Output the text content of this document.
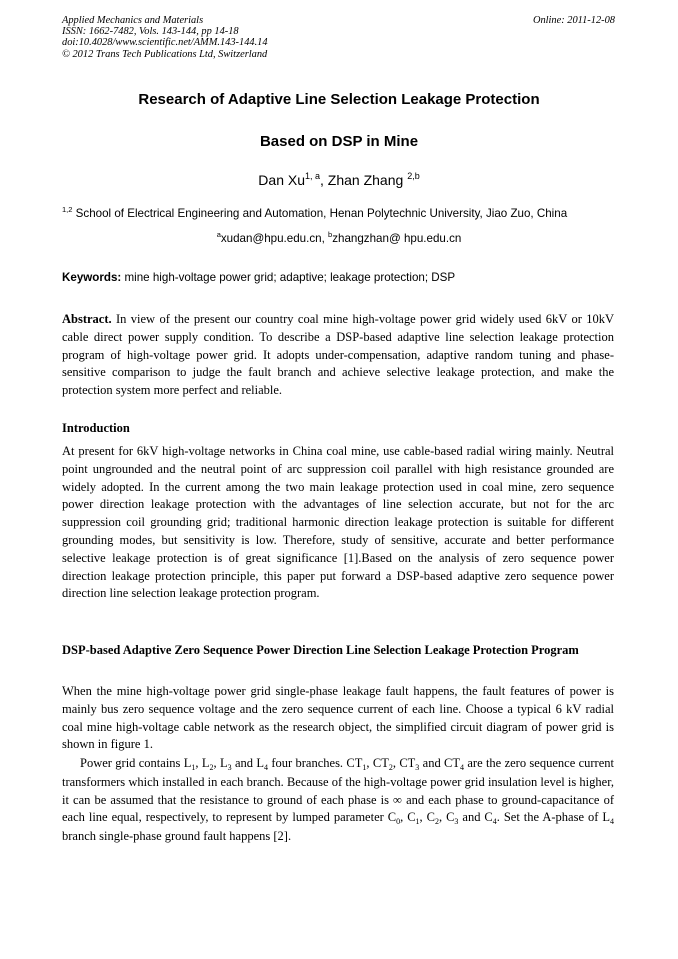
Applied Mechanics and Materials
ISSN: 1662-7482, Vols. 143-144, pp 14-18
doi:10.4028/www.scientific.net/AMM.143-144.14
© 2012 Trans Tech Publications Ltd, Switzerland
Online: 2011-12-08
Research of Adaptive Line Selection Leakage Protection
Based on DSP in Mine
Dan Xu$^{1, a}$, Zhan Zhang $^{2,b}$
$^{1,2}$ School of Electrical Engineering and Automation, Henan Polytechnic University, Jiao Zuo, China
$^a$xudan@hpu.edu.cn, $^b$zhangzhan@ hpu.edu.cn
Keywords: mine high-voltage power grid; adaptive; leakage protection; DSP
Abstract. In view of the present our country coal mine high-voltage power grid widely used 6kV or 10kV cable direct power supply condition. To describe a DSP-based adaptive line selection leakage protection program of high-voltage power grid. It adopts under-compensation, adaptive random tuning and phase-sensitive comparison to judge the fault branch and achieve selective leakage protection, and make the protection system more perfect and reliable.
Introduction
At present for 6kV high-voltage networks in China coal mine, use cable-based radial wiring mainly. Neutral point ungrounded and the neutral point of arc suppression coil parallel with high resistance grounded are widely adopted. In the current among the two main leakage protection used in coal mine, zero sequence power direction leakage protection with the advantages of line selection accurate, but not for the arc suppression coil grounding grid; traditional harmonic direction leakage protection is suitable for different grounding modes, but sensitivity is low. Therefore, study of sensitive, accurate and better performance selective leakage protection is of great significance [1].Based on the analysis of zero sequence power direction leakage protection principle, this paper put forward a DSP-based adaptive zero sequence power direction line selection leakage protection program.
DSP-based Adaptive Zero Sequence Power Direction Line Selection Leakage Protection Program
When the mine high-voltage power grid single-phase leakage fault happens, the fault features of power is mainly bus zero sequence voltage and the zero sequence current of each line. Choose a typical 6 kV radial coal mine high-voltage cable network as the research object, the simplified circuit diagram of power grid is shown in figure 1.
Power grid contains $L_1$, $L_2$, $L_3$ and $L_4$ four branches. $CT_1$, $CT_2$, $CT_3$ and $CT_4$ are the zero sequence current transformers which installed in each branch. Because of the high-voltage power grid insulation level is higher, it can be assumed that the resistance to ground of each phase is ∞ and each phase to ground-capacitance of each line equal, respectively, to represent by lumped parameter $C_0$, $C_1$, $C_2$, $C_3$ and $C_4$. Set the A-phase of $L_4$ branch single-phase ground fault happens [2].
